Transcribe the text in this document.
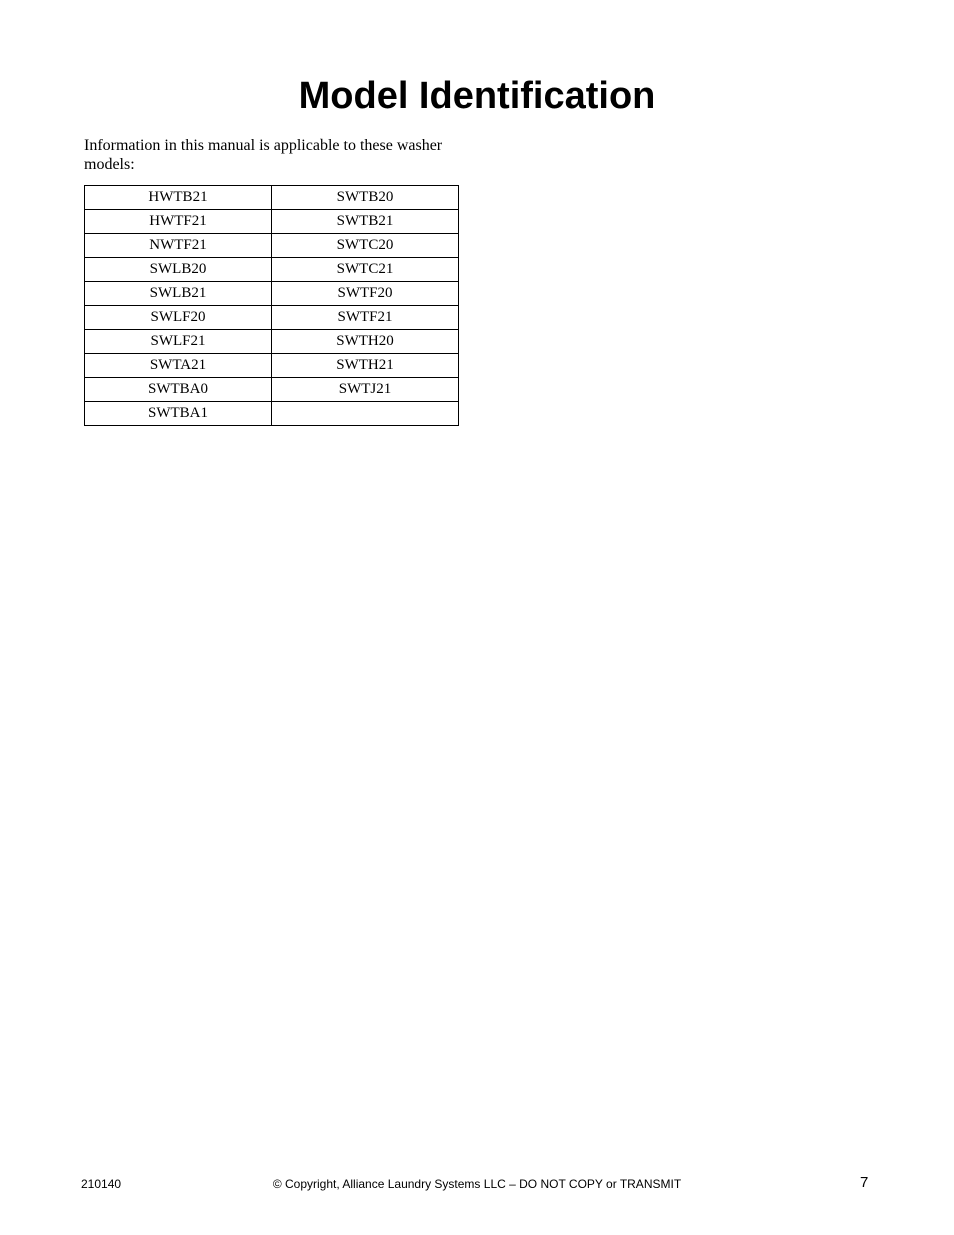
Model Identification

Information in this manual is applicable to these washer models:

HWTB21	SWTB20
HWTF21	SWTB21
NWTF21	SWTC20
SWLB20	SWTC21
SWLB21	SWTF20
SWLF20	SWTF21
SWLF21	SWTH20
SWTA21	SWTH21
SWTBA0	SWTJ21
SWTBA1	
210140	© Copyright, Alliance Laundry Systems LLC – DO NOT COPY or TRANSMIT	7
